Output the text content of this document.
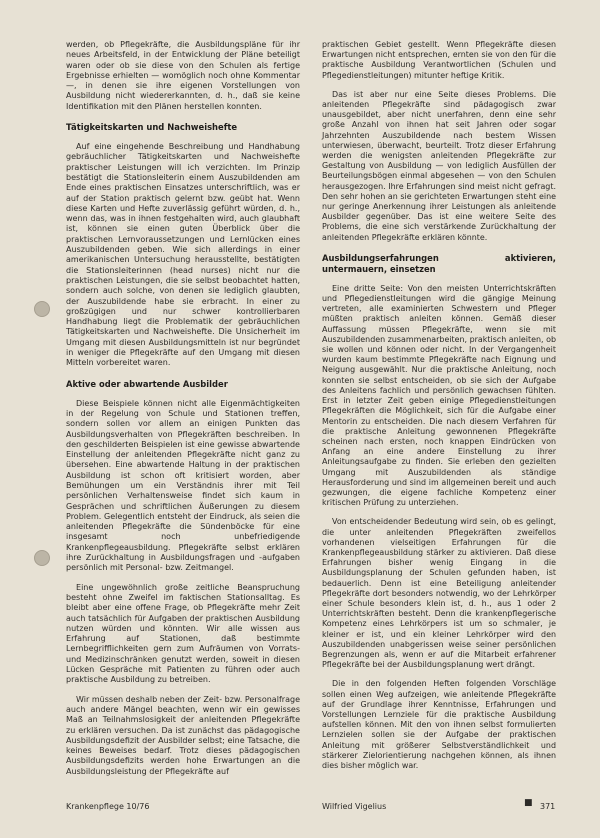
werden, ob Pflegekräfte, die Ausbildungspläne für ihr neues Arbeitsfeld, in der Entwicklung der Pläne beteiligt waren oder ob sie diese von den Schulen als fertige Ergebnisse erhielten — womöglich noch ohne Kommentar —, in denen sie ihre eigenen Vorstellungen von Ausbildung nicht wiedererkannten, d. h., daß sie keine Identifikation mit den Plänen herstellen konnten.

Tätigkeitskarten und Nachweishefte

Auf eine eingehende Beschreibung und Handhabung gebräuchlicher Tätigkeitskarten und Nachweishefte praktischer Leistungen will ich verzichten. Im Prinzip bestätigt die Stationsleiterin einem Auszubildenden am Ende eines praktischen Einsatzes unterschriftlich, was er auf der Station praktisch gelernt bzw. geübt hat. Wenn diese Karten und Hefte zuverlässig geführt würden, d. h., wenn das, was in ihnen festgehalten wird, auch glaubhaft ist, können sie einen guten Überblick über die praktischen Lernvoraussetzungen und Lernlücken eines Auszubildenden geben. Wie sich allerdings in einer amerikanischen Untersuchung herausstellte, bestätigten die Stationsleiterinnen (head nurses) nicht nur die praktischen Leistungen, die sie selbst beobachtet hatten, sondern auch solche, von denen sie lediglich glaubten, der Auszubildende habe sie erbracht. In einer zu großzügigen und nur schwer kontrollierbaren Handhabung liegt die Problematik der gebräuchlichen Tätigkeitskarten und Nachweishefte. Die Unsicherheit im Umgang mit diesen Ausbildungsmitteln ist nur begründet in weniger die Pflegekräfte auf den Umgang mit diesen Mitteln vorbereitet waren.

Aktive oder abwartende Ausbilder

Diese Beispiele können nicht alle Eigenmächtigkeiten in der Regelung von Schule und Stationen treffen, sondern sollen vor allem an einigen Punkten das Ausbildungsverhalten von Pflegekräften beschreiben. In den geschilderten Beispielen ist eine gewisse abwartende Einstellung der anleitenden Pflegekräfte nicht ganz zu übersehen. Eine abwartende Haltung in der praktischen Ausbildung ist schon oft kritisiert worden, aber Bemühungen um ein Verständnis ihrer mit Teil persönlichen Verhaltensweise findet sich kaum in Gesprächen und schriftlichen Äußerungen zu diesem Problem. Gelegentlich entsteht der Eindruck, als seien die anleitenden Pflegekräfte die Sündenböcke für eine insgesamt noch unbefriedigende Krankenpflegeausbildung. Pflegekräfte selbst erklären ihre Zurückhaltung in Ausbildungsfragen und -aufgaben persönlich mit Personal- bzw. Zeitmangel.

Eine ungewöhnlich große zeitliche Beanspruchung besteht ohne Zweifel im faktischen Stationsalltag. Es bleibt aber eine offene Frage, ob Pflegekräfte mehr Zeit auch tatsächlich für Aufgaben der praktischen Ausbildung nutzen würden und könnten. Wir alle wissen aus Erfahrung auf Stationen, daß bestimmte Lernbegrifflichkeiten gern zum Aufräumen von Vorrats- und Medizinschränken genutzt werden, soweit in diesen Lücken Gespräche mit Patienten zu führen oder auch praktische Ausbildung zu betreiben.

Wir müssen deshalb neben der Zeit- bzw. Personalfrage auch andere Mängel beachten, wenn wir ein gewisses Maß an Teilnahmslosigkeit der anleitenden Pflegekräfte zu erklären versuchen. Da ist zunächst das pädagogische Ausbildungsdefizit der Ausbilder selbst; eine Tatsache, die keines Beweises bedarf. Trotz dieses pädagogischen Ausbildungsdefizits werden hohe Erwartungen an die Ausbildungsleistung der Pflegekräfte auf

praktischen Gebiet gestellt. Wenn Pflegekräfte diesen Erwartungen nicht entsprechen, ernten sie von den für die praktische Ausbildung Verantwortlichen (Schulen und Pflegedienstleitungen) mitunter heftige Kritik.

Das ist aber nur eine Seite dieses Problems. Die anleitenden Pflegekräfte sind pädagogisch zwar unausgebildet, aber nicht unerfahren, denn eine sehr große Anzahl von ihnen hat seit Jahren oder sogar Jahrzehnten Auszubildende nach bestem Wissen unterwiesen, überwacht, beurteilt. Trotz dieser Erfahrung werden die wenigsten anleitenden Pflegekräfte zur Gestaltung von Ausbildung — von lediglich Ausfüllen der Beurteilungsbögen einmal abgesehen — von den Schulen herausgezogen. Ihre Erfahrungen sind meist nicht gefragt. Den sehr hohen an sie gerichteten Erwartungen steht eine nur geringe Anerkennung ihrer Leistungen als anleitende Ausbilder gegenüber. Das ist eine weitere Seite des Problems, die eine sich verstärkende Zurückhaltung der anleitenden Pflegekräfte erklären könnte.

Ausbildungserfahrungen aktivieren, untermauern, einsetzen

Eine dritte Seite: Von den meisten Unterrichtskräften und Pflegedienstleitungen wird die gängige Meinung vertreten, alle examinierten Schwestern und Pfleger müßten praktisch anleiten können. Gemäß dieser Auffassung müssen Pflegekräfte, wenn sie mit Auszubildenden zusammenarbeiten, praktisch anleiten, ob sie wollen und können oder nicht. In der Vergangenheit wurden kaum bestimmte Pflegekräfte nach Eignung und Neigung ausgewählt. Nur die praktische Anleitung, noch konnten sie selbst entscheiden, ob sie sich der Aufgabe des Anleitens fachlich und persönlich gewachsen fühlten. Erst in letzter Zeit geben einige Pflegedienstleitungen Pflegekräften die Möglichkeit, sich für die Aufgabe einer Mentorin zu entscheiden. Die nach diesem Verfahren für die praktische Anleitung gewonnenen Pflegekräfte scheinen nach ersten, noch knappen Eindrücken von Anfang an eine andere Einstellung zu ihrer Anleitungsaufgabe zu finden. Sie erleben den gezielten Umgang mit Auszubildenden als ständige Herausforderung und sind im allgemeinen bereit und auch gezwungen, die eigene fachliche Kompetenz einer kritischen Prüfung zu unterziehen.

Von entscheidender Bedeutung wird sein, ob es gelingt, die unter anleitenden Pflegekräften zweifellos vorhandenen vielseitigen Erfahrungen für die Krankenpflegeausbildung stärker zu aktivieren. Daß diese Erfahrungen bisher wenig Eingang in die Ausbildungsplanung der Schulen gefunden haben, ist bedauerlich. Denn ist eine Beteiligung anleitender Pflegekräfte dort besonders notwendig, wo der Lehrkörper einer Schule besonders klein ist, d. h., aus 1 oder 2 Unterrichtskräften besteht. Denn die krankenpflegerische Kompetenz eines Lehrkörpers ist um so schmaler, je kleiner er ist, und ein kleiner Lehrkörper wird den Auszubildenden unabgerissen weise seiner persönlichen Begrenzungen als, wenn er auf die Mitarbeit erfahrener Pflegekräfte bei der Ausbildungsplanung wert drängt.

Die in den folgenden Heften folgenden Vorschläge sollen einen Weg aufzeigen, wie anleitende Pflegekräfte auf der Grundlage ihrer Kenntnisse, Erfahrungen und Vorstellungen Lernziele für die praktische Ausbildung aufstellen können. Mit den von ihnen selbst formulierten Lernzielen sollen sie der Aufgabe der praktischen Anleitung mit größerer Selbstverständlichkeit und stärkerer Zielorientierung nachgehen können, als ihnen dies bisher möglich war.

Krankenpflege 10/76	Wilfried Vigelius	■ 371
